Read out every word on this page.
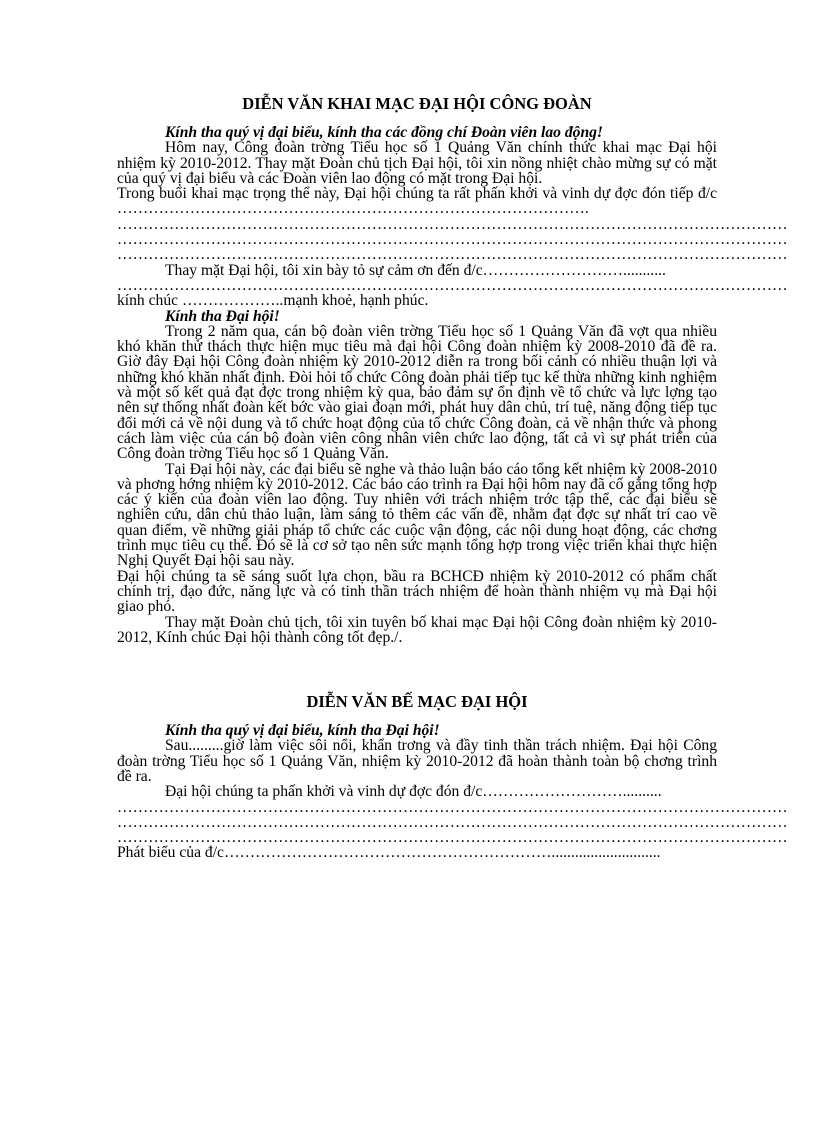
DIỄN VĂN KHAI MẠC ĐẠI HỘI CÔNG ĐOÀN

Kính tha quý vị đại biểu, kính tha các đồng chí Đoàn viên lao động!

Hôm nay, Công đoàn trờng Tiểu học số 1 Quảng Văn chính thức khai mạc Đại hội nhiệm kỳ 2010-2012. Thay mặt Đoàn chủ tịch Đại hội, tôi xin nồng nhiệt chào mừng sự có mặt của quý vị đại biểu và các Đoàn viên lao động có mặt trong Đại hội.

Trong buổi khai mạc trọng thể này, Đại hội chúng ta rất phấn khởi và vinh dự đợc đón tiếp đ/c ……………………………………………………………………………….

…………………………………………………………………………………………………………………

…………………………………………………………………………………………………………………

…………………………………………………………………………………………………………………

Thay mặt Đại hội, tôi xin bày tỏ sự cảm ơn đến đ/c………………………...........

…………………………………………………………………………………………………………………

kính chúc ………………..mạnh khoẻ, hạnh phúc.

Kính tha Đại hội!

Trong 2 năm qua, cán bộ đoàn viên trờng Tiểu học số 1 Quảng Văn đã vợt qua nhiều khó khăn thử thách thực hiện mục tiêu mà đại hội Công đoàn nhiệm kỳ 2008-2010 đã đề ra. Giờ đây Đại hội Công đoàn nhiệm kỳ 2010-2012 diễn ra trong bối cảnh có nhiều thuận lợi và những khó khăn nhất định. Đòi hỏi tổ chức Công đoàn phải tiếp tục kế thừa những kinh nghiệm và một số kết quả đạt đợc trong nhiệm kỳ qua, bảo đảm sự ổn định về tổ chức và lực lợng tạo nên sự thống nhất đoàn kết bớc vào giai đoạn mới, phát huy dân chủ, trí tuệ, năng động tiếp tục đổi mới cả về nội dung và tổ chức hoạt động của tổ chức Công đoàn, cả về nhận thức và phong cách làm việc của cán bộ đoàn viên công nhân viên chức lao động, tất cả vì sự phát triển của Công đoàn trờng Tiểu học số 1 Quảng Văn.

Tại Đại hội này, các đại biểu sẽ nghe và thảo luận báo cáo tổng kết nhiệm kỳ 2008-2010 và phơng hớng nhiệm kỳ 2010-2012. Các báo cáo trình ra Đại hội hôm nay đã cố gắng tổng hợp các ý kiến của đoàn viên lao động. Tuy nhiên với trách nhiệm trớc tập thể, các đại biểu sẽ nghiên cứu, dân chủ thảo luận, làm sáng tỏ thêm các vấn đề, nhằm đạt đợc sự nhất trí cao về quan điểm, về những giải pháp tổ chức các cuộc vận động, các nội dung hoạt động, các chơng trình mục tiêu cụ thể. Đó sẽ là cơ sở tạo nên sức mạnh tổng hợp trong việc triển khai thực hiện Nghị Quyết Đại hội sau này.

Đại hội chúng ta sẽ sáng suốt lựa chọn, bầu ra BCHCĐ nhiệm kỳ 2010-2012 có phẩm chất chính trị, đạo đức, năng lực và có tinh thần trách nhiệm để hoàn thành nhiệm vụ mà Đại hội giao phó.

Thay mặt Đoàn chủ tịch, tôi xin tuyên bố khai mạc Đại hội Công đoàn nhiệm kỳ 2010-2012, Kính chúc Đại hội thành công tốt đẹp./.

DIỄN VĂN BẾ MẠC ĐẠI HỘI

Kính tha quý vị đại biểu, kính tha Đại hội!

Sau.........giờ làm việc sôi nổi, khẩn trơng và đầy tinh thần trách nhiệm. Đại hội Công đoàn trờng Tiểu học số 1 Quảng Văn, nhiệm kỳ 2010-2012 đã hoàn thành toàn bộ chơng trình đề ra.

Đại hội chúng ta phấn khởi và vinh dự đợc đón đ/c………………………..........

…………………………………………………………………………………………………………………

…………………………………………………………………………………………………………………

…………………………………………………………………………………………………………………

Phát biểu của đ/c………………………………………………………............................
